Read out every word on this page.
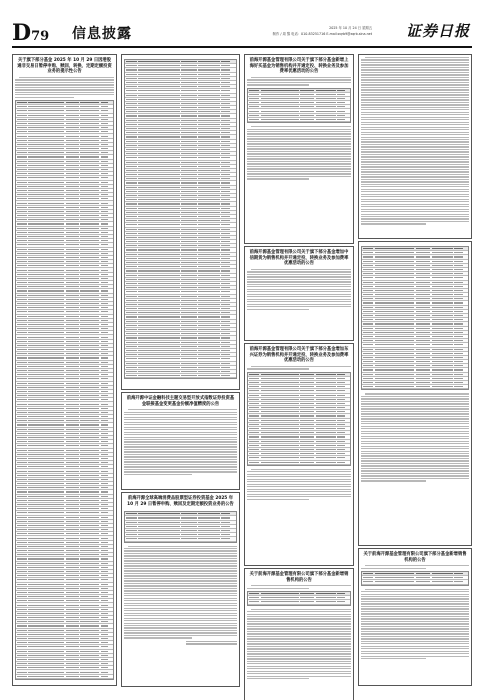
D79 信息披露	2025 年 10 月 24 日 星期五
制作 / 周 黎 电话：010-83251716 E-mail:zqrb9@zqrb.sina.net 证券日报
关于旗下部分基金 2025 年 10 月 29 日因港股通非交易日暂停申购、赎回、转换、定期定额投资业务的提示性公告
前海开源中证金融科技主题交易型开放式指数证券投资基金联接基金变更基金份额净值精度的公告
前海开源全球高端消费品股票型证券投资基金 2025 年 10 月 29 日暂停申购、赎回及定期定额投资业务的公告
前海开源基金管理有限公司关于旗下部分基金新增上海好买基金为销售机构并开通定投、转换业务及参加费率优惠活动的公告
前海开源基金管理有限公司关于旗下部分基金增加中信期货为销售机构并开通定投、转换业务及参加费率优惠活动的公告
前海开源基金管理有限公司关于旗下部分基金增加东兴证券为销售机构并开通定投、转换业务及参加费率优惠活动的公告
关于前海开源基金管理有限公司旗下部分基金新增销售机构的公告
关于前海开源基金管理有限公司旗下部分基金新增销售机构的公告
